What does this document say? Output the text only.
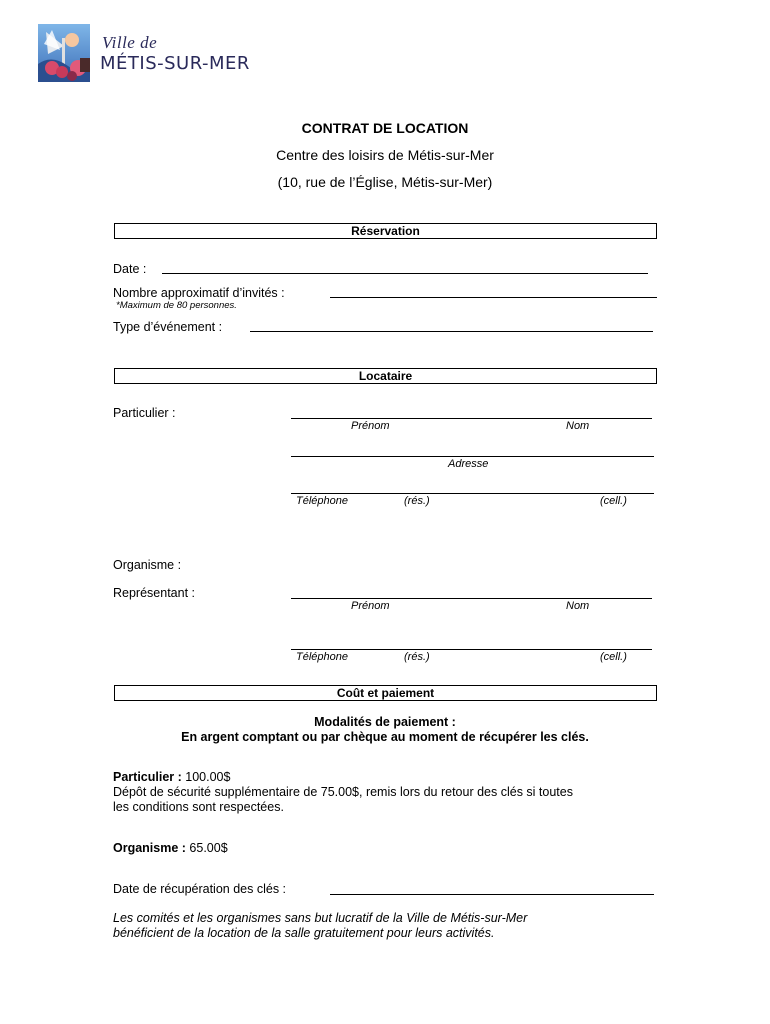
Ville de
MÉTIS-SUR-MER
CONTRAT DE LOCATION
Centre des loisirs de Métis-sur-Mer
(10, rue de l’Église, Métis-sur-Mer)
Réservation
Date :
Nombre approximatif d’invités :
*Maximum de 80 personnes.
Type d’événement :
Locataire
Particulier :
Prénom	Nom
Adresse
Téléphone	(rés.)	(cell.)
Organisme :
Représentant :
Prénom	Nom
Téléphone	(rés.)	(cell.)
Coût et paiement
Modalités de paiement :
En argent comptant ou par chèque au moment de récupérer les clés.
Particulier : 100.00$
Dépôt de sécurité supplémentaire de 75.00$, remis lors du retour des clés si toutes
les conditions sont respectées.
Organisme : 65.00$
Date de récupération des clés :
Les comités et les organismes sans but lucratif de la Ville de Métis-sur-Mer
bénéficient de la location de la salle gratuitement pour leurs activités.
